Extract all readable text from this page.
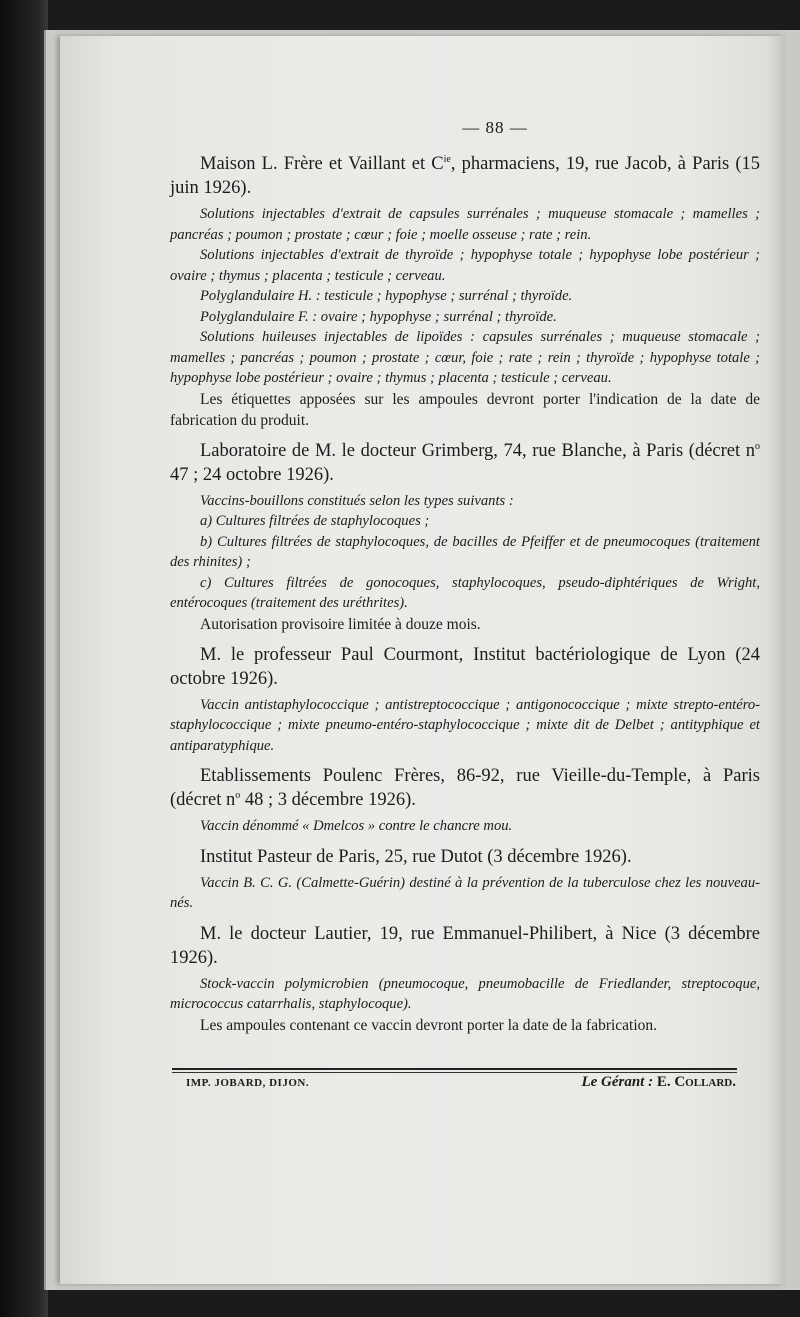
— 88 —

Maison L. Frère et Vaillant et $C^{ie}$, pharmaciens, 19, rue Jacob, à Paris (15 juin 1926).

Solutions injectables d'extrait de capsules surrénales ; muqueuse stomacale ; mamelles ; pancréas ; poumon ; prostate ; cœur ; foie ; moelle osseuse ; rate ; rein.

Solutions injectables d'extrait de thyroïde ; hypophyse totale ; hypophyse lobe postérieur ; ovaire ; thymus ; placenta ; testicule ; cerveau.

Polyglandulaire H. : testicule ; hypophyse ; surrénal ; thyroïde.

Polyglandulaire F. : ovaire ; hypophyse ; surrénal ; thyroïde.

Solutions huileuses injectables de lipoïdes : capsules surrénales ; muqueuse stomacale ; mamelles ; pancréas ; poumon ; prostate ; cœur, foie ; rate ; rein ; thyroïde ; hypophyse totale ; hypophyse lobe postérieur ; ovaire ; thymus ; placenta ; testicule ; cerveau.

Les étiquettes apposées sur les ampoules devront porter l'indication de la date de fabrication du produit.

Laboratoire de M. le docteur Grimberg, 74, rue Blanche, à Paris (décret $n^o$ 47 ; 24 octobre 1926).

Vaccins-bouillons constitués selon les types suivants :

a) Cultures filtrées de staphylocoques ;

b) Cultures filtrées de staphylocoques, de bacilles de Pfeiffer et de pneumocoques (traitement des rhinites) ;

c) Cultures filtrées de gonocoques, staphylocoques, pseudo-diphtériques de Wright, entérocoques (traitement des uréthrites).

Autorisation provisoire limitée à douze mois.

M. le professeur Paul Courmont, Institut bactériologique de Lyon (24 octobre 1926).

Vaccin antistaphylococcique ; antistreptococcique ; antigonococcique ; mixte strepto-entéro-staphylococcique ; mixte pneumo-entéro-staphylococcique ; mixte dit de Delbet ; antityphique et antiparatyphique.

Etablissements Poulenc Frères, 86-92, rue Vieille-du-Temple, à Paris (décret $n^o$ 48 ; 3 décembre 1926).

Vaccin dénommé « Dmelcos » contre le chancre mou.

Institut Pasteur de Paris, 25, rue Dutot (3 décembre 1926).

Vaccin B. C. G. (Calmette-Guérin) destiné à la prévention de la tuberculose chez les nouveau-nés.

M. le docteur Lautier, 19, rue Emmanuel-Philibert, à Nice (3 décembre 1926).

Stock-vaccin polymicrobien (pneumocoque, pneumobacille de Friedlander, streptocoque, micrococcus catarrhalis, staphylocoque).

Les ampoules contenant ce vaccin devront porter la date de la fabrication.

IMP. JOBARD, DIJON.	Le Gérant : E. Collard.
